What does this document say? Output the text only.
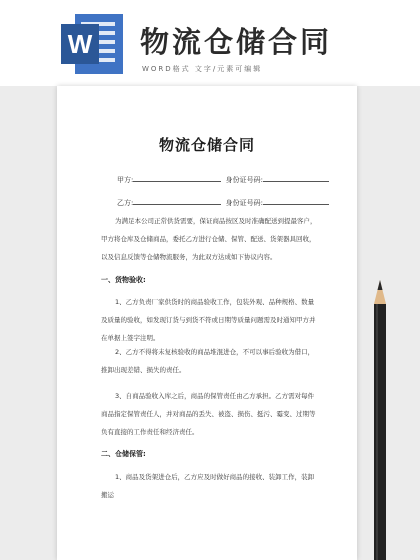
W 物流仓储合同

WORD格式 文字/元素可编辑

物流仓储合同
甲方:	身份证号码:
乙方:	身份证号码:

为满足本公司正常供货需要，保证商品按区及时准确配送到提最客户，甲方将仓库及仓储商品，委托乙方进行仓储、保管、配送、货架器具回收，以及信息反馈等仓储物流服务，为此双方达成如下协议内容。

一、货物验收:

1、乙方负责厂家供货时的商品验收工作，包装外观、品种规格、数量及质量的验收，如发现订货与到货不符或日期等质量问题需及时通知甲方并在单据上签字注明。

2、乙方不得将未复核验收的商品堆混进仓，不可以事后验收为借口，推卸出现差错、损失的责任。

3、自商品验收入库之后，商品的保管责任由乙方承担。乙方需对每件商品指定保管责任人，并对商品的丢失、被盗、损伤、挺污、霉变、过期等负有直接的工作责任和经济责任。

二、仓储保管:

1、商品及货架进仓后，乙方应及时做好商品的接收、装卸工作，装卸搬运
